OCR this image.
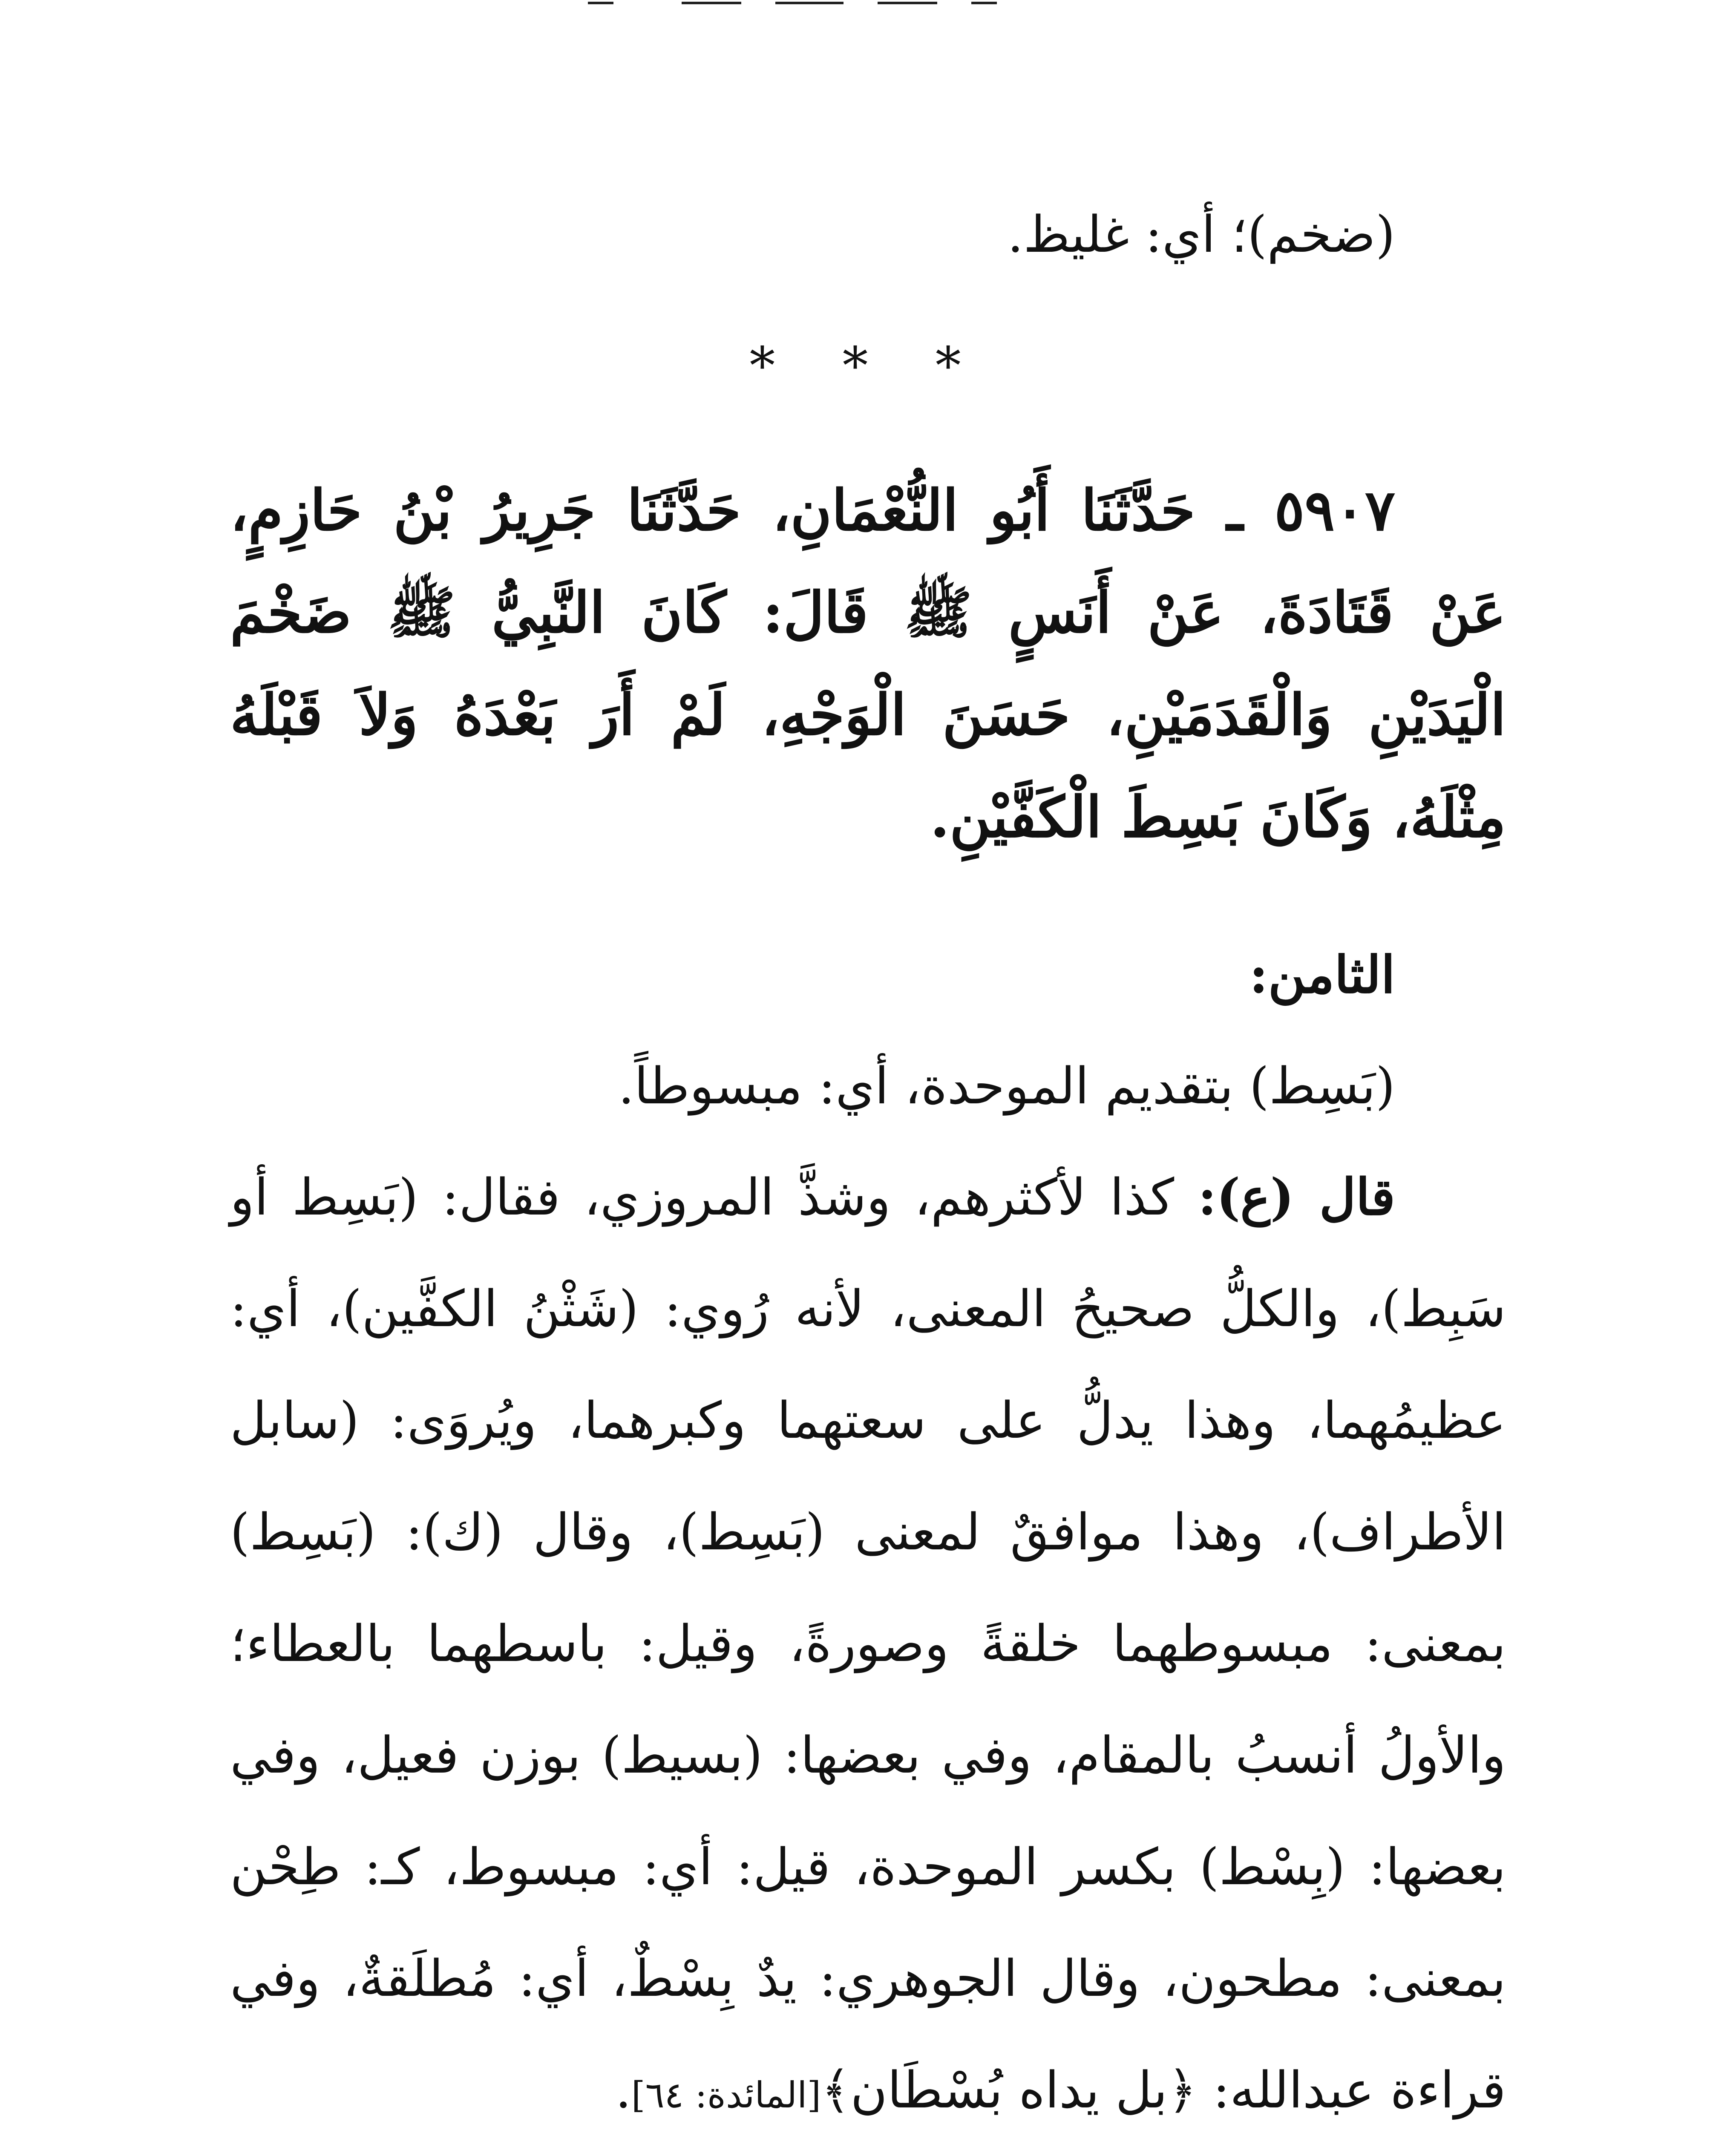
(ضخم)؛ أي: غليظ.

* * *

٥٩٠٧ ـ حَدَّثَنَا أَبُو النُّعْمَانِ، حَدَّثَنَا جَرِيرُ بْنُ حَازِمٍ، عَنْ قَتَادَةَ، عَنْ أَنَسٍ ﷺ قَالَ: كَانَ النَّبِيُّ ﷺ ضَخْمَ الْيَدَيْنِ وَالْقَدَمَيْنِ، حَسَنَ الْوَجْهِ، لَمْ أَرَ بَعْدَهُ وَلاَ قَبْلَهُ مِثْلَهُ، وَكَانَ بَسِطَ الْكَفَّيْنِ.

الثامن:

(بَسِط) بتقديم الموحدة، أي: مبسوطاً.

قال (ع): كذا لأكثرهم، وشذَّ المروزي، فقال: (بَسِط أو سَبِط)، والكلُّ صحيحُ المعنى، لأنه رُوي: (شَثْنُ الكفَّين)، أي: عظيمُهما، وهذا يدلُّ على سعتهما وكبرهما، ويُروَى: (سابل الأطراف)، وهذا موافقٌ لمعنى (بَسِط)، وقال (ك): (بَسِط) بمعنى: مبسوطهما خلقةً وصورةً، وقيل: باسطهما بالعطاء؛ والأولُ أنسبُ بالمقام، وفي بعضها: (بسيط) بوزن فعيل، وفي بعضها: (بِسْط) بكسر الموحدة، قيل: أي: مبسوط، كـ: طِحْن بمعنى: مطحون، وقال الجوهري: يدٌ بِسْطٌ، أي: مُطلَقةٌ، وفي قراءة عبدالله: ﴿بل يداه بُسْطَان﴾[المائدة: ٦٤].
